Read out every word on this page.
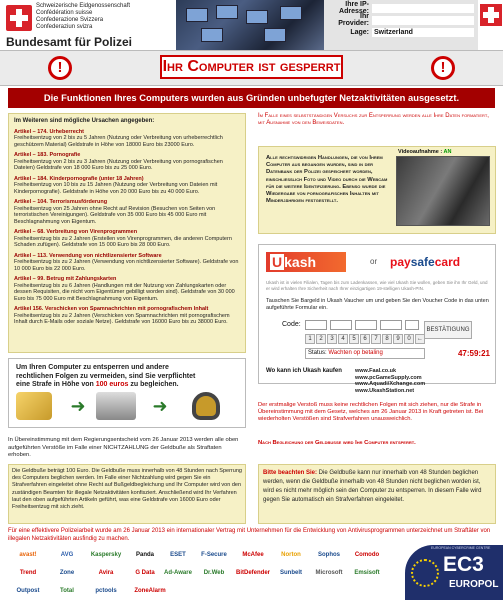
Schweizerische Eidgenossenschaft
Confédération suisse
Confederazione Svizzera
Confederaziun svizra
Bundesamt für Polizei
Ihre IP-Adresse:
Ihr Provider:
Lage: Switzerland
!	!
Ihr Computer ist gesperrt
Die Funktionen Ihres Computers wurden aus Gründen unbefugter Netzaktivitäten ausgesetzt.
Im Weiteren sind mögliche Ursachen angegeben:
Artikel – 174. Urheberrecht
Freiheitsentzug von 2 bis zu 5 Jahren (Nutzung oder Verbreitung von urheberrechtlich geschützem Material) Geldstrafe in Höhe von 18000 Euro bis 23000 Euro.
Artikel – 183. Pornografie
Freiheitsentzug von 2 bis zu 3 Jahren (Nutzung oder Verbreitung von pornografischen Dateien) Geldstrafe von 18 000 Euro bis zu 25 000 Euro.
Artikel – 184. Kinderpornografie (unter 18 Jahren)
Freiheitsentzug von 10 bis zu 15 Jahren (Nutzung oder Verbreitung von Dateien mit Kinderpornografie). Geldstrafe in Höhe von 20 000 Euro bis zu 40 000 Euro.
Artikel – 104. Terrorismusförderung
Freiheitsentzug von 25 Jahren ohne Recht auf Revision (Besuchen von Seiten von terroristischen Vereinigungen). Geldstrafe von 35 000 Euro bis 45 000 Euro mit Beschlagnahmung von Eigentum.
Artikel – 68. Verbreitung von Virenprogrammen
Freiheitsentzug bis zu 2 Jahren (Erstellen von Virenprogrammen, die anderen Computern Schaden zufügen). Geldstrafe von 15 000 Euro bis 28 000 Euro.
Artikel – 113. Verwendung von nichtlizensierter Software
Freiheitsentzug bis zu 2 Jahren (Verwendung von nichtlizensierter Software). Geldstrafe von 10 000 Euro bis 22 000 Euro.
Artikel – 99. Betrug mit Zahlungskarten
Freiheitsentzug bis zu 6 Jahren (Handlungen mit der Nutzung von Zahlungskarten oder dessen Requisiten, die nicht vom Eigentümer gebilligt worden sind). Geldstrafe von 30 000 Euro bis 75 000 Euro mit Beschlagnahmung von Eigentum.
Artikel 156. Verschicken von Spamnachrichten mit pornografischem Inhalt
Freiheitsentzug bis zu 2 Jahren (Verschicken von Spamnachrichten mit pornografischem Inhalt durch E-Mails oder soziale Netze). Geldstrafe von 16000 Euro bis zu 38000 Euro.
Im Falle eines selbstständigen Versuchs zur Entsperrung werden alle Ihre Daten formatiert, mit Ausnahme von den Beweisdaten.
Alle rechtswidrigen Handlungen, die von Ihrem Computer aus begangen wurden, sind in der Datenbank der Polizei gespeichert worden, einschließlich Foto und Video durch die Webcam für die weitere Identifizierung. Ebenso wurde die Wiedergabe von pornografischen Inhalten mit Minderjährigen festgestellt.
Videoaufnahme : AN
U kash	or paysafecard
Ukash ist in vielen Filialen, Tagen bis zum Ladenkassen, wie viel Ukash Sie wollen, geben Sie ihn Ihr Geld, und er wird erhalten Ihre Sicherheit nach Ihrer einzigartigen 19-stelligen Ukash-PIN.
Tauschen Sie Bargeld in Ukash Vaucher um und geben Sie den Voucher Code in das unten aufgeführte Formular ein.
Code:
1	2	3	4	5	6	7	8	9	0	←
BESTÄTIGUNG
Status: Wachten op betaling	47:59:21
Wo kann ich Ukash kaufen www.Faal.co.uk
www.pcGameSupply.com
www.Aquadi/Xchange.com
www.UkashStation.net
Der erstmalige Verstoß muss keine rechtlichen Folgen mit sich ziehen, nur die Strafe in Übereinstimmung mit dem Gesetz, welches am 26 Januar 2013 in Kraft getreten ist. Bei wiederholten Verstößen sind Strafverfahren unausweichlich.
Um Ihren Computer zu entsperren und andere rechtlichen Folgen zu vermeiden, sind Sie verpflichtet eine Strafe in Höhe von 100 euros zu begleichen.
➜	➜
In Übereinstimmung mit dem Regierungsentscheid vom 26 Januar 2013 werden alle oben aufgeführten Verstöße im Falle einer NICHTZAHLUNG der Geldbuße als Straftaten erhoben.
Die Geldbuße beträgt 100 Euro. Die Geldbuße muss innerhalb von 48 Stunden nach Sperrung des Computers beglichen werden. Im Falle einer Nichtzahlung wird gegen Sie ein Strafverfahren eingeleitet ohne Recht auf Bußgeldbegleichung und Ihr Computer wird von den zuständigen Beamten für illegale Netzaktivitäten konfisziert. Anschließend wird Ihr Verfahren laut den oben aufgeführten Artikeln geführt, was eine Geldstrafe von 16000 Euro oder Freiheitsentzug mit sich zieht.
Nach Begleichung der Geldbuße wird Ihr Computer entsperrt.
Bitte beachten Sie: Die Geldbuße kann nur innerhalb von 48 Stunden beglichen werden, wenn die Geldbuße innerhalb von 48 Stunden nicht beglichen worden ist, wird es nicht mehr möglich sein den Computer zu entsperren. In diesem Falle wird gegen Sie automatisch ein Strafverfahren eingeleitet.
Für eine effektivere Polizeiarbeit wurde am 26 Januar 2013 ein internationaler Vertrag mit Unternehmen für die Entwicklung von Antivirusprogrammen unterzeichnet um Straftäter von illegalen Netzaktivitäten ausfindig zu machen.
avast!	AVG	Kaspersky	Panda	ESET	F-Secure	McAfee	Norton	Sophos	Comodo
Trend	Zone	Avira	G Data	Ad-Aware	Dr.Web	BitDefender	Sunbelt	Microsoft	Emsisoft
Outpost	Total	pctools	ZoneAlarm
EUROPEAN CYBERCRIME CENTRE
EC3
EUROPOL
